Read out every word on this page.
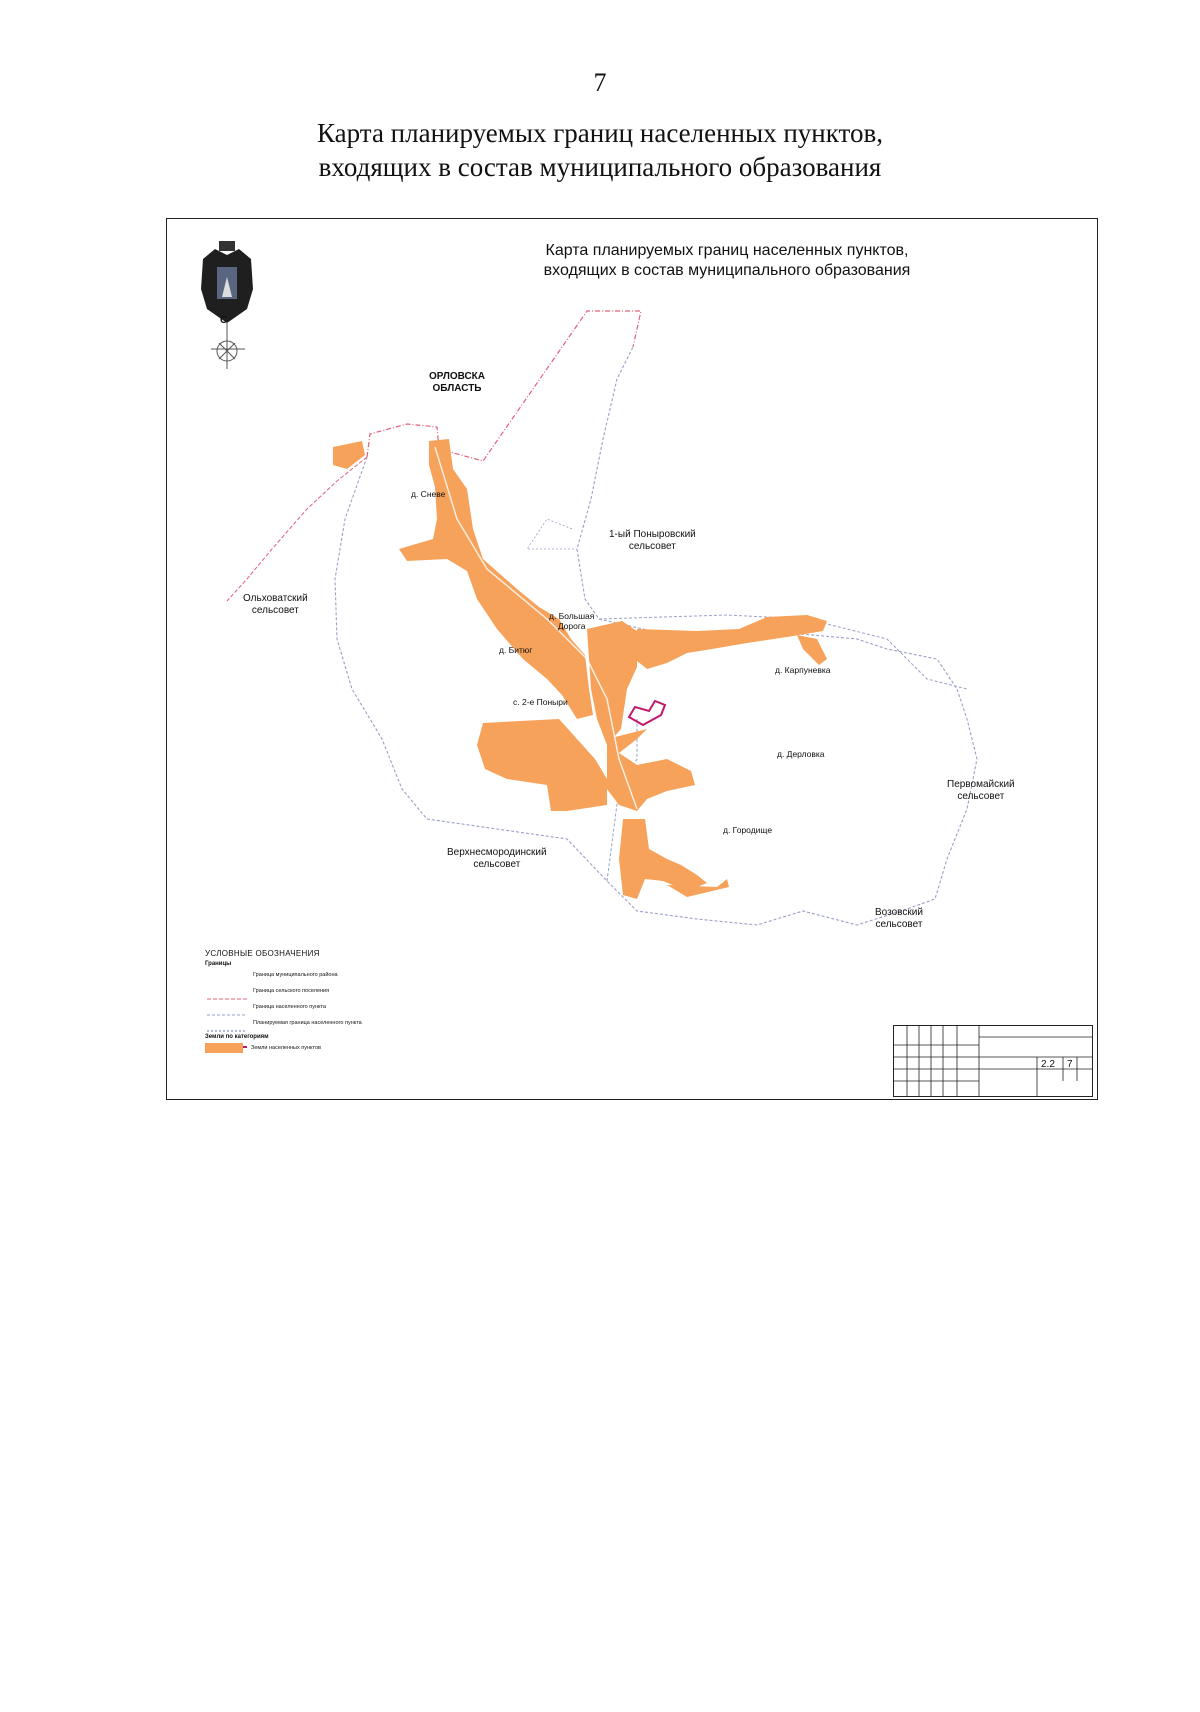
7
Карта планируемых границ населенных пунктов,
входящих в состав муниципального образования
Карта планируемых границ населенных пунктов,
входящих в состав муниципального образования
С
ОРЛОВСКА
ОБЛАСТЬ
1-ый Поныровский
сельсовет
Ольховатский
сельсовет
Верхнесмородинский
сельсовет
Первомайский
сельсовет
Возовский
сельсовет
д. Сневе
д. Большая
Дорога
д. Битюг
д. Карпуневка
с. 2-е Поныри
д. Дерловка
д. Городище
УСЛОВНЫЕ ОБОЗНАЧЕНИЯ
Границы
Граница муниципального района
Граница сельского поселения
Граница населенного пункта
Планируемая граница населенного пункта
Земли по категориям
Земли населенных пунктов
2.2 7
